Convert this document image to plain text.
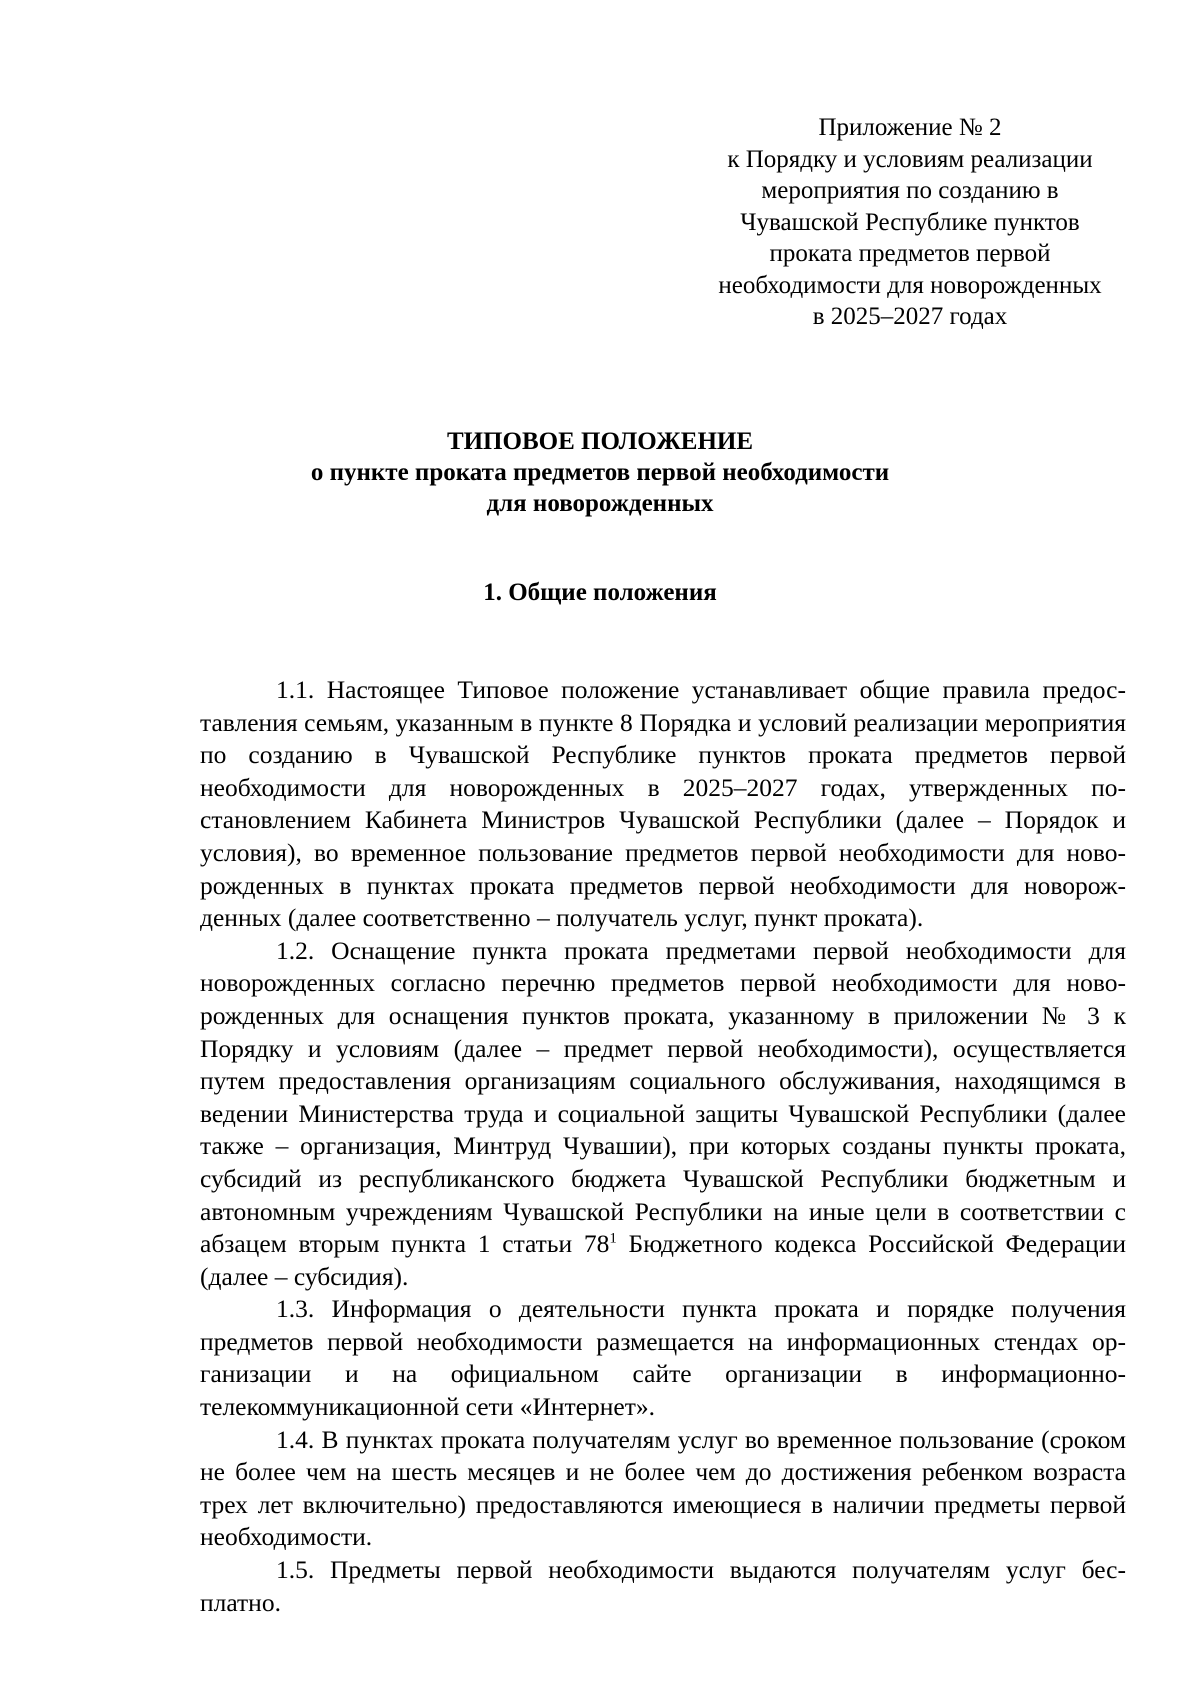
Приложение № 2
к Порядку и условиям реализации
мероприятия по созданию в
Чувашской Республике пунктов
проката предметов первой
необходимости для новорожденных
в 2025–2027 годах
ТИПОВОЕ ПОЛОЖЕНИЕ
о пункте проката предметов первой необходимости
для новорожденных
1. Общие положения

1.1. Настоящее Типовое положение устанавливает общие правила предоставления семьям, указанным в пункте 8 Порядка и условий реализации мероприятия по созданию в Чувашской Республике пунктов проката предметов первой необходимости для новорожденных в 2025–2027 годах, утвержденных постановлением Кабинета Министров Чувашской Республики (далее – Порядок и условия), во временное пользование предметов первой необходимости для новорожденных в пунктах проката предметов первой необходимости для новорожденных (далее соответственно – получатель услуг, пункт проката).

1.2. Оснащение пункта проката предметами первой необходимости для новорожденных согласно перечню предметов первой необходимости для новорожденных для оснащения пунктов проката, указанному в приложении № 3 к Порядку и условиям (далее – предмет первой необходимости), осуществляется путем предоставления организациям социального обслуживания, находящимся в ведении Министерства труда и социальной защиты Чувашской Республики (далее также – организация, Минтруд Чувашии), при которых созданы пункты проката, субсидий из республиканского бюджета Чувашской Республики бюджетным и автономным учреждениям Чувашской Республики на иные цели в соответствии с абзацем вторым пункта 1 статьи $78^1$ Бюджетного кодекса Российской Федерации (далее – субсидия).

1.3. Информация о деятельности пункта проката и порядке получения предметов первой необходимости размещается на информационных стендах организации и на официальном сайте организации в информационно-телекоммуникационной сети «Интернет».

1.4. В пунктах проката получателям услуг во временное пользование (сроком не более чем на шесть месяцев и не более чем до достижения ребенком возраста трех лет включительно) предоставляются имеющиеся в наличии предметы первой необходимости.

1.5. Предметы первой необходимости выдаются получателям услуг бесплатно.
